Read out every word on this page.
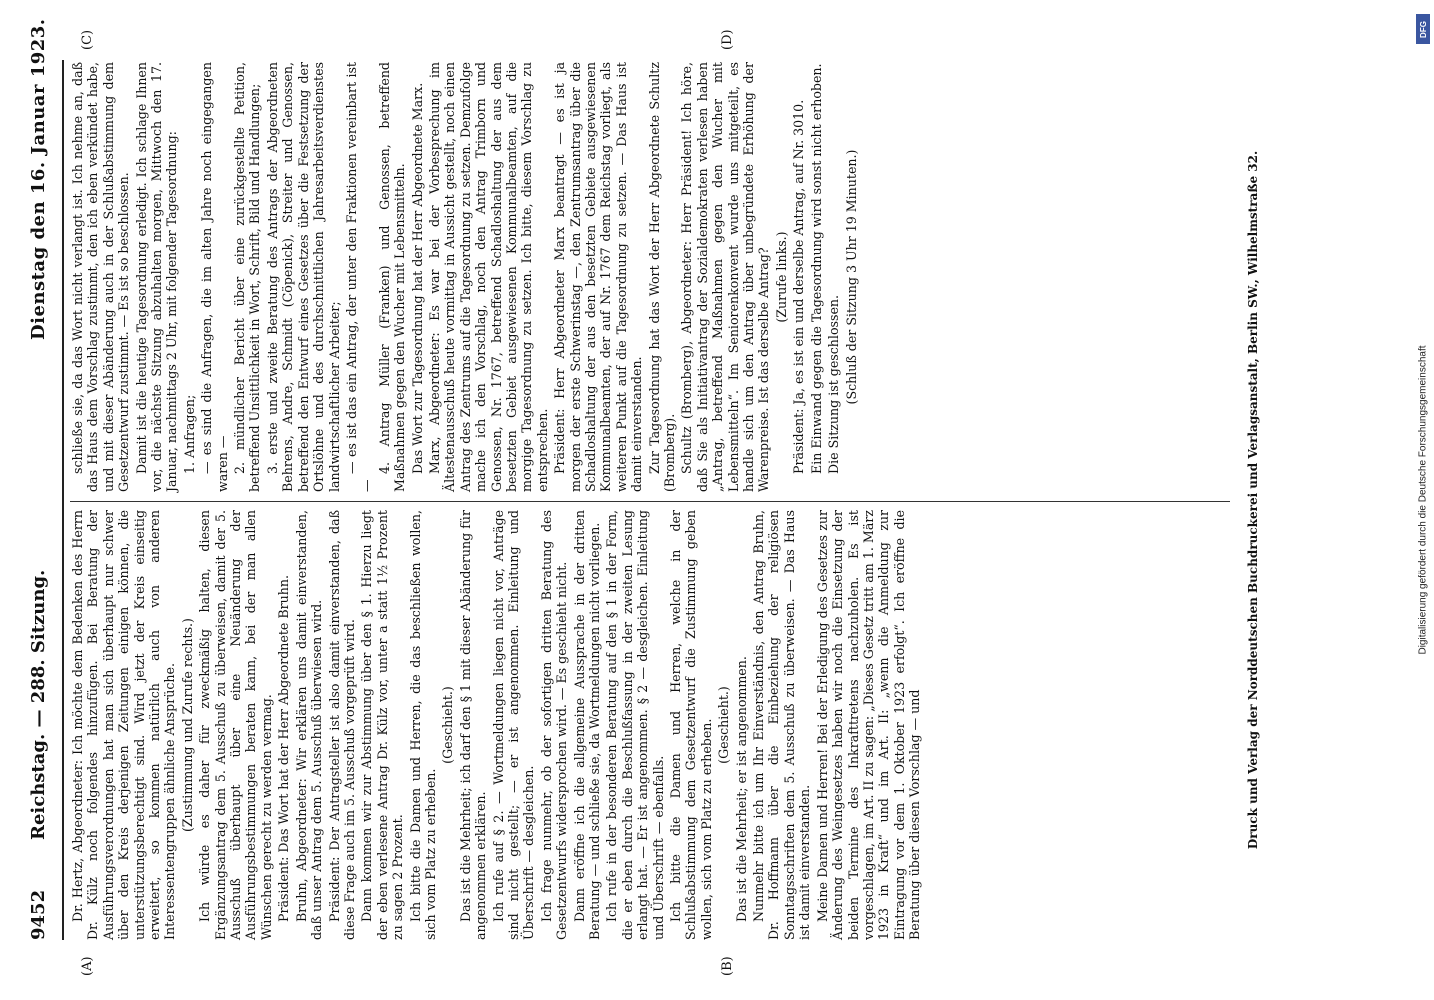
9452
Reichstag. — 288. Sitzung.
Dienstag den 16. Januar 1923.
(A)	(B)
(C)	(D)

Dr. Hertz, Abgeordneter: Ich möchte dem Bedenken des Herrn Dr. Külz noch folgendes hinzufügen. Bei Beratung der Ausführungsverordnungen hat man sich überhaupt nur schwer über den Kreis derjenigen Zeitungen einigen können, die unterstützungsberechtigt sind. Wird jetzt der Kreis einseitig erweitert, so kommen natürlich auch von anderen Interessentengruppen ähnliche Ansprüche. (Zustimmung und Zurufe rechts.) Ich würde es daher für zweckmäßig halten, diesen Ergänzungsantrag dem 5. Ausschuß zu überweisen, damit der 5. Ausschuß überhaupt über eine Neuänderung der Ausführungsbestimmungen beraten kann, bei der man allen Wünschen gerecht zu werden vermag. Präsident: Das Wort hat der Herr Abgeordnete Bruhn. Bruhn, Abgeordneter: Wir erklären uns damit einverstanden, daß unser Antrag dem 5. Ausschuß überwiesen wird. Präsident: Der Antragsteller ist also damit einverstanden, daß diese Frage auch im 5. Ausschuß vorgeprüft wird. Dann kommen wir zur Abstimmung über den § 1. Hierzu liegt der eben verlesene Antrag Dr. Külz vor, unter a statt 1½ Prozent zu sagen 2 Prozent. Ich bitte die Damen und Herren, die das beschließen wollen, sich vom Platz zu erheben.

(Geschieht.) Das ist die Mehrheit; ich darf den § 1 mit dieser Abänderung für angenommen erklären. Ich rufe auf § 2. — Wortmeldungen liegen nicht vor, Anträge sind nicht gestellt; — er ist angenommen. Einleitung und Überschrift — desgleichen. Ich frage nunmehr, ob der sofortigen dritten Beratung des Gesetzentwurfs widersprochen wird. — Es geschieht nicht. Dann eröffne ich die allgemeine Aussprache in der dritten Beratung — und schließe sie, da Wortmeldungen nicht vorliegen. Ich rufe in der besonderen Beratung auf den § 1 in der Form, die er eben durch die Beschlußfassung in der zweiten Lesung erlangt hat. — Er ist angenommen. § 2 — desgleichen. Einleitung und Überschrift — ebenfalls. Ich bitte die Damen und Herren, welche in der Schlußabstimmung dem Gesetzentwurf die Zustimmung geben wollen, sich vom Platz zu erheben. (Geschieht.) Das ist die Mehrheit; er ist angenommen. Nunmehr bitte ich um Ihr Einverständnis, den Antrag Bruhn, Dr. Hoffmann über die Einbeziehung der religiösen Sonntagsschriften dem 5. Ausschuß zu überweisen. — Das Haus ist damit einverstanden. Meine Damen und Herren! Bei der Erledigung des Gesetzes zur Änderung des Weingesetzes haben wir noch die Einsetzung der beiden Termine des Inkrafttretens nachzuholen. Es ist vorgeschlagen, im Art. II zu sagen: „Dieses Gesetz tritt am 1. März 1923 in Kraft“ und im Art. II: „wenn die Anmeldung zur Eintragung vor dem 1. Oktober 1923 erfolgt“. Ich eröffne die Beratung über diesen Vorschlag — und

schließe sie, da das Wort nicht verlangt ist. Ich nehme an, daß das Haus dem Vorschlag zustimmt, den ich eben verkündet habe, und mit dieser Abänderung auch in der Schlußabstimmung dem Gesetzentwurf zustimmt. — Es ist so beschlossen. Damit ist die heutige Tagesordnung erledigt. Ich schlage Ihnen vor, die nächste Sitzung abzuhalten morgen, Mittwoch den 17. Januar, nachmittags 2 Uhr, mit folgender Tagesordnung: 1. Anfragen; — es sind die Anfragen, die im alten Jahre noch eingegangen waren — 2. mündlicher Bericht über eine zurückgestellte Petition, betreffend Unsittlichkeit in Wort, Schrift, Bild und Handlungen; 3. erste und zweite Beratung des Antrags der Abgeordneten Behrens, Andre, Schmidt (Cöpenick), Streiter und Genossen, betreffend den Entwurf eines Gesetzes über die Festsetzung der Ortslöhne und des durchschnittlichen Jahresarbeitsverdienstes landwirtschaftlicher Arbeiter; — es ist das ein Antrag, der unter den Fraktionen vereinbart ist —

4. Antrag Müller (Franken) und Genossen, betreffend Maßnahmen gegen den Wucher mit Lebensmitteln. Das Wort zur Tagesordnung hat der Herr Abgeordnete Marx. Marx, Abgeordneter: Es war bei der Vorbesprechung im Ältestenausschuß heute vormittag in Aussicht gestellt, noch einen Antrag des Zentrums auf die Tagesordnung zu setzen. Demzufolge mache ich den Vorschlag, noch den Antrag Trimborn und Genossen, Nr. 1767, betreffend Schadloshaltung der aus dem besetzten Gebiet ausgewiesenen Kommunalbeamten, auf die morgige Tagesordnung zu setzen. Ich bitte, diesem Vorschlag zu entsprechen. Präsident: Herr Abgeordneter Marx beantragt — es ist ja morgen der erste Schwerinstag —, den Zentrumsantrag über die Schadloshaltung der aus den besetzten Gebiete ausgewiesenen Kommunalbeamten, der auf Nr. 1767 dem Reichstag vorliegt, als weiteren Punkt auf die Tagesordnung zu setzen. — Das Haus ist damit einverstanden. Zur Tagesordnung hat das Wort der Herr Abgeordnete Schultz (Bromberg). Schultz (Bromberg), Abgeordneter: Herr Präsident! Ich höre, daß Sie als Initiativantrag der Sozialdemokraten verlesen haben „Antrag, betreffend Maßnahmen gegen den Wucher mit Lebensmitteln“. Im Seniorenkonvent wurde uns mitgeteilt, es handle sich um den Antrag über unbegründete Erhöhung der Warenpreise. Ist das derselbe Antrag? (Zurufe links.) Präsident: Ja, es ist ein und derselbe Antrag, auf Nr. 3010. Ein Einwand gegen die Tagesordnung wird sonst nicht erhoben. Die Sitzung ist geschlossen. (Schluß der Sitzung 3 Uhr 19 Minuten.)	Druck und Verlag der Norddeutschen Buchdruckerei und Verlagsanstalt, Berlin SW., Wilhelmstraße 32.
DFG
Digitalisierung gefördert durch die Deutsche Forschungsgemeinschaft
